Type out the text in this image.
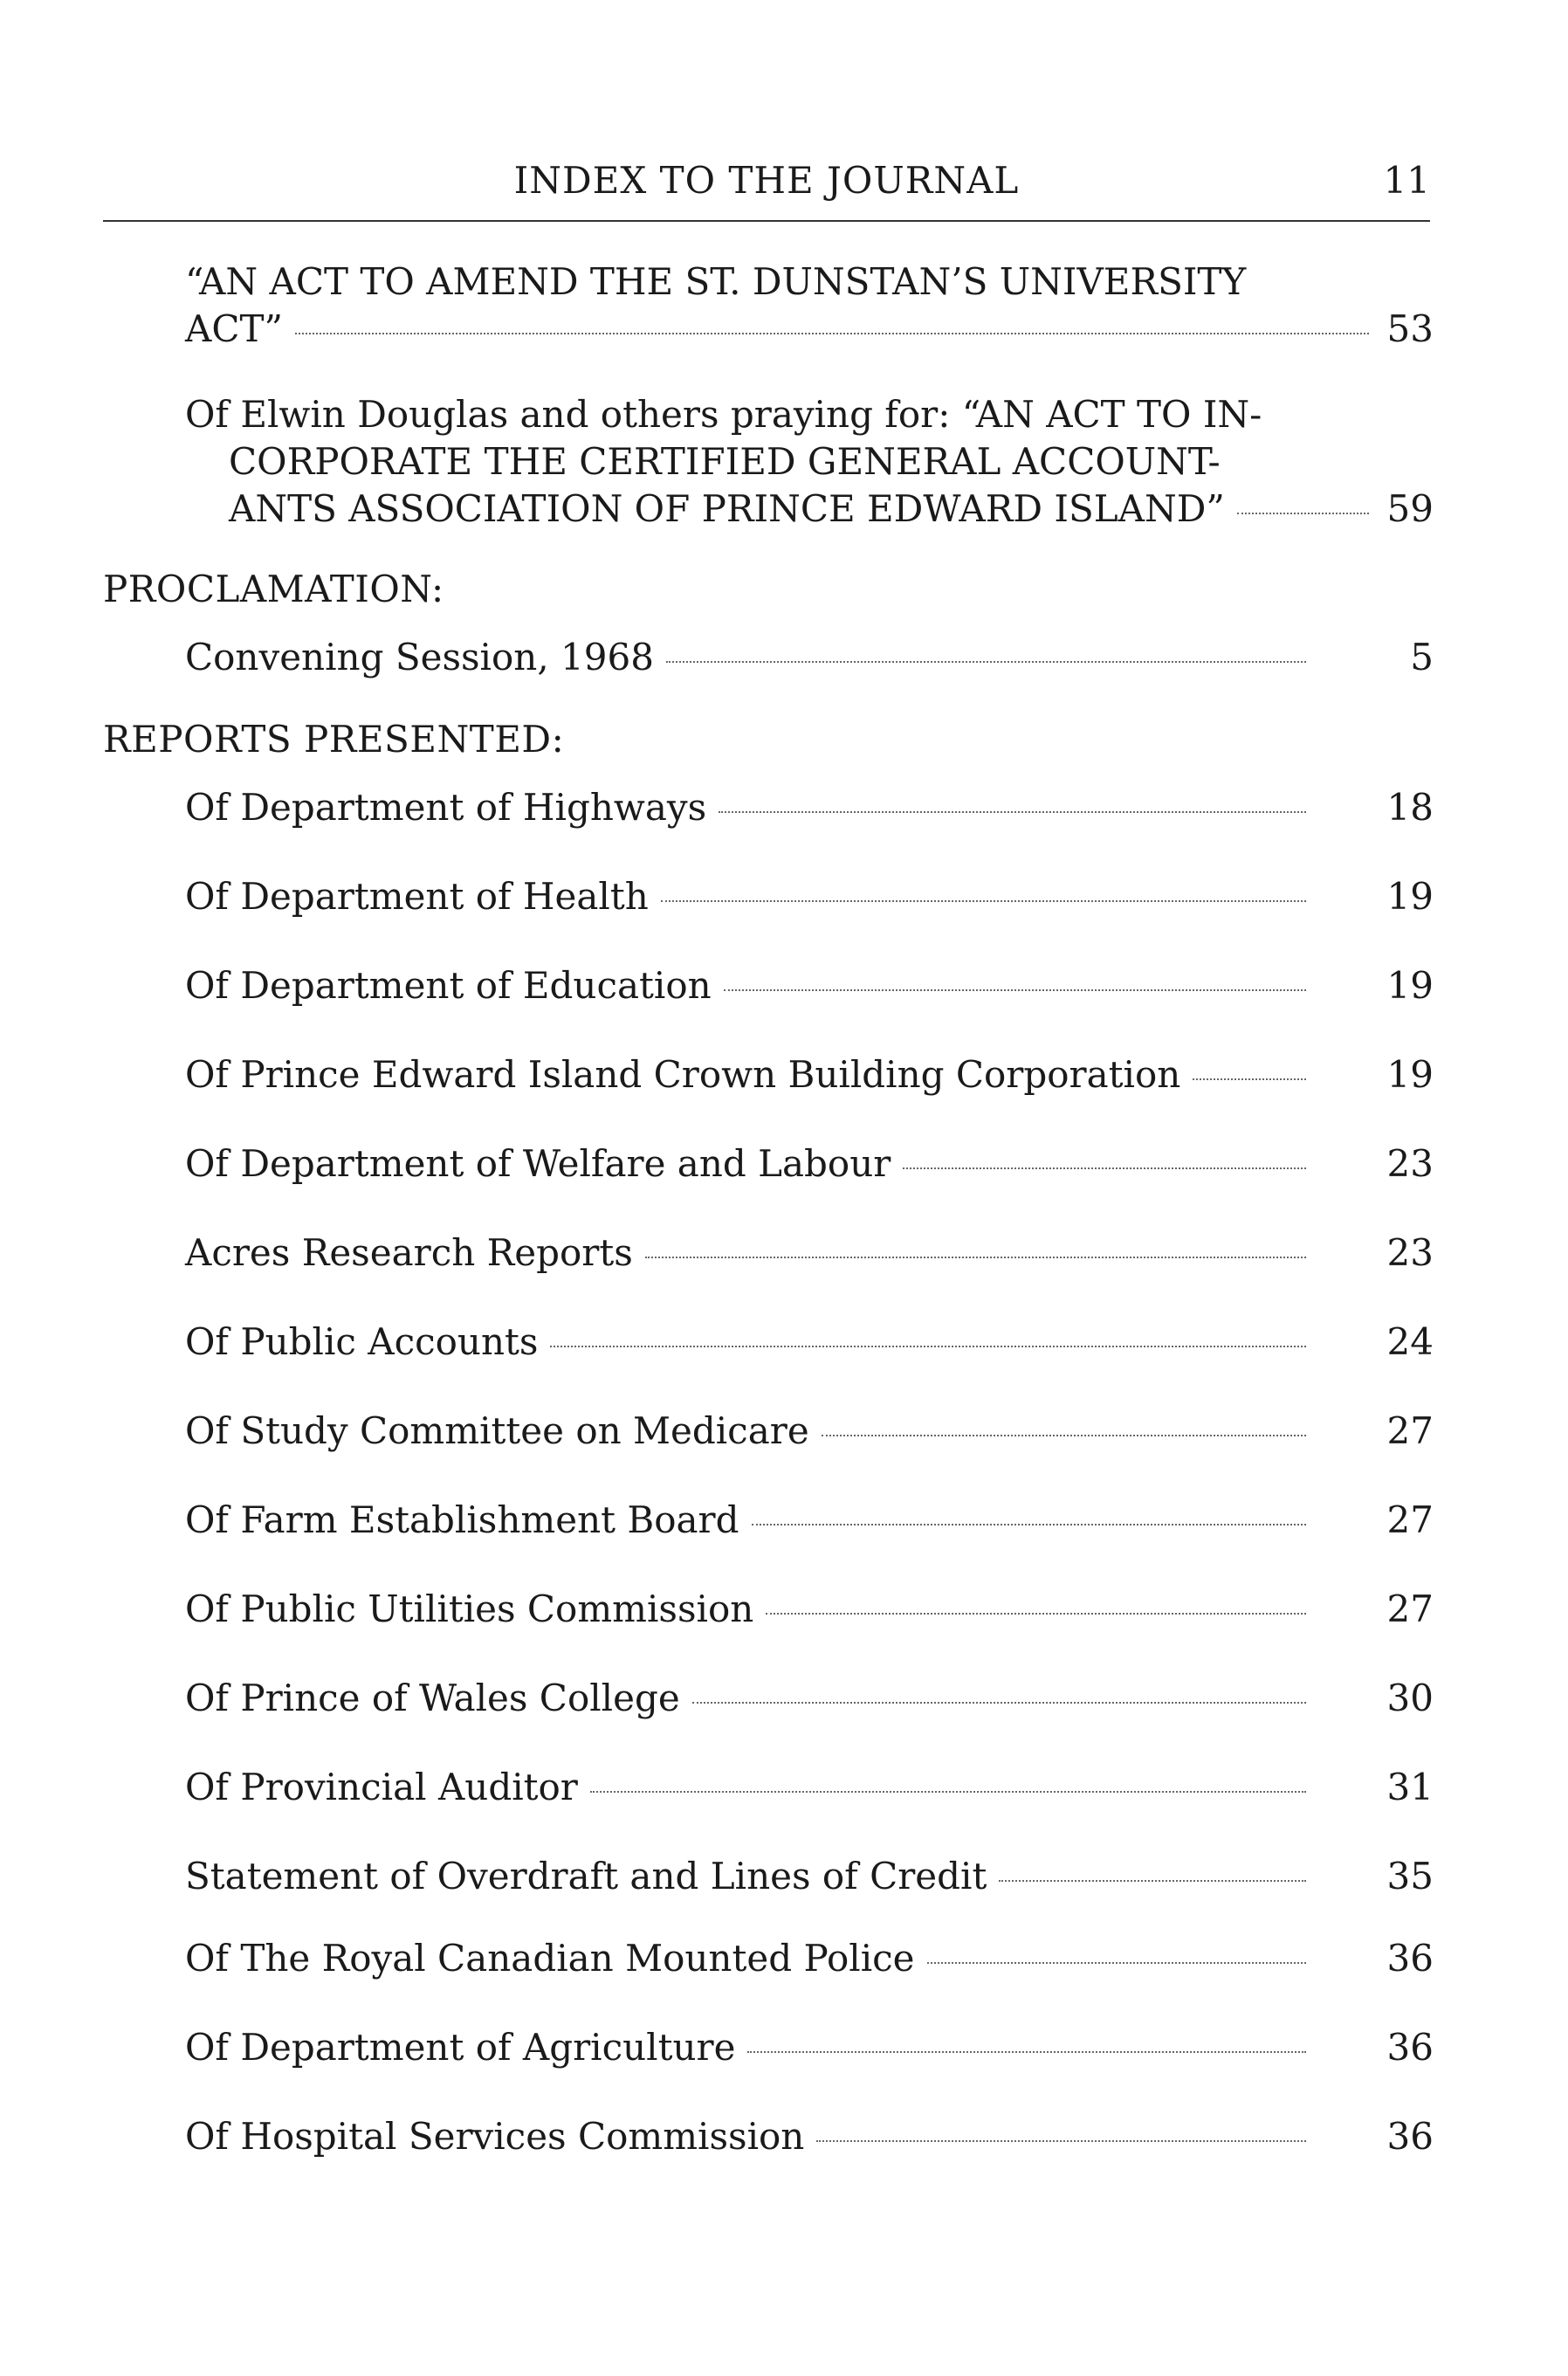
INDEX TO THE JOURNAL	11
“AN ACT TO AMEND THE ST. DUNSTAN’S UNIVERSITY
ACT”	53
Of Elwin Douglas and others praying for: “AN ACT TO IN-
CORPORATE THE CERTIFIED GENERAL ACCOUNT-
ANTS ASSOCIATION OF PRINCE EDWARD ISLAND”	59
PROCLAMATION:
Convening Session, 1968	5
REPORTS PRESENTED:
Of Department of Highways	18
Of Department of Health	19
Of Department of Education	19
Of Prince Edward Island Crown Building Corporation	19
Of Department of Welfare and Labour	23
Acres Research Reports	23
Of Public Accounts	24
Of Study Committee on Medicare	27
Of Farm Establishment Board	27
Of Public Utilities Commission	27
Of Prince of Wales College	30
Of Provincial Auditor	31
Statement of Overdraft and Lines of Credit	35
Of The Royal Canadian Mounted Police	36
Of Department of Agriculture	36
Of Hospital Services Commission	36
